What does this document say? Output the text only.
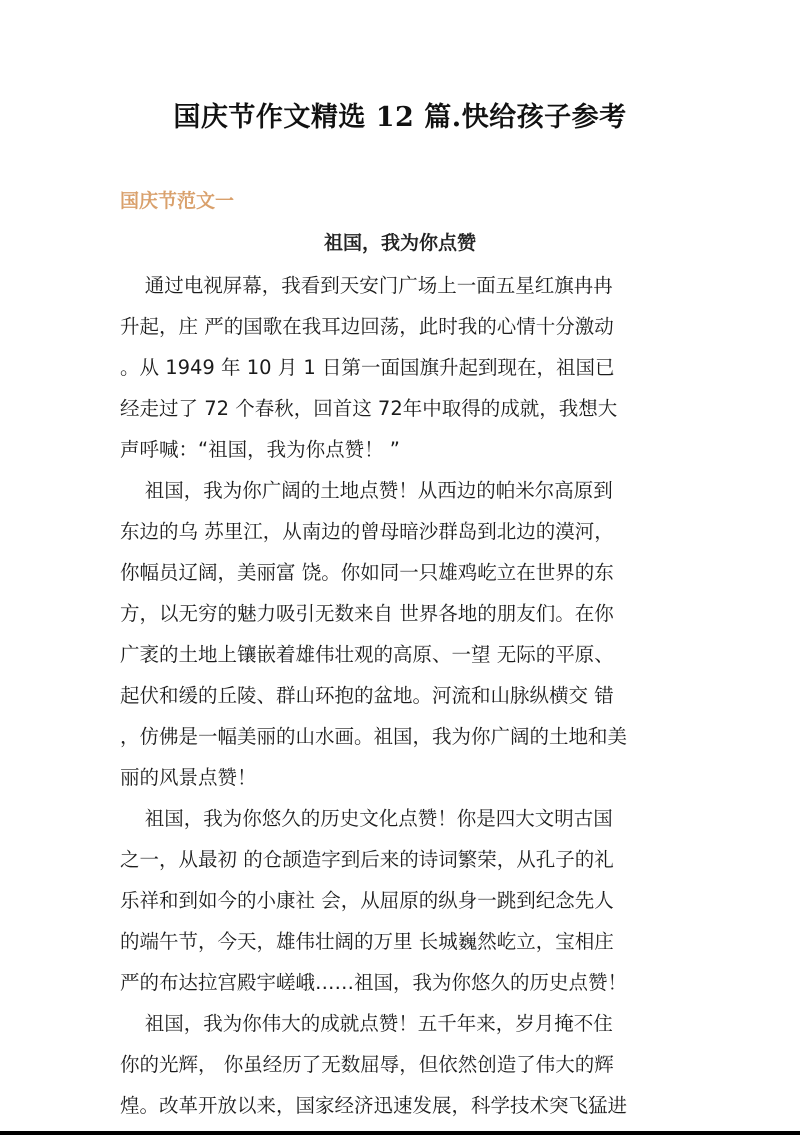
国庆节作文精选 12 篇.快给孩子参考
国庆节范文一
祖国，我为你点赞
通过电视屏幕，我看到天安门广场上一面五星红旗冉冉
升起，庄 严的国歌在我耳边回荡，此时我的心情十分激动
。从 1949 年 10 月 1 日第一面国旗升起到现在，祖国已
经走过了 72 个春秋，回首这 72年中取得的成就，我想大
声呼喊：“祖国，我为你点赞！ ”
祖国，我为你广阔的土地点赞！从西边的帕米尔高原到
东边的乌 苏里江，从南边的曾母暗沙群岛到北边的漠河，
你幅员辽阔，美丽富 饶。你如同一只雄鸡屹立在世界的东
方，以无穷的魅力吸引无数来自 世界各地的朋友们。在你
广袤的土地上镶嵌着雄伟壮观的高原、一望 无际的平原、
起伏和缓的丘陵、群山环抱的盆地。河流和山脉纵横交 错
，仿佛是一幅美丽的山水画。祖国，我为你广阔的土地和美
丽的风景点赞！
祖国，我为你悠久的历史文化点赞！你是四大文明古国
之一，从最初 的仓颉造字到后来的诗词繁荣，从孔子的礼
乐祥和到如今的小康社 会，从屈原的纵身一跳到纪念先人
的端午节，今天，雄伟壮阔的万里 长城巍然屹立，宝相庄
严的布达拉宫殿宇嵯峨……祖国，我为你悠久的历史点赞！
祖国，我为你伟大的成就点赞！五千年来，岁月掩不住
你的光辉， 你虽经历了无数屈辱，但依然创造了伟大的辉
煌。改革开放以来，国家经济迅速发展，科学技术突飞猛进
